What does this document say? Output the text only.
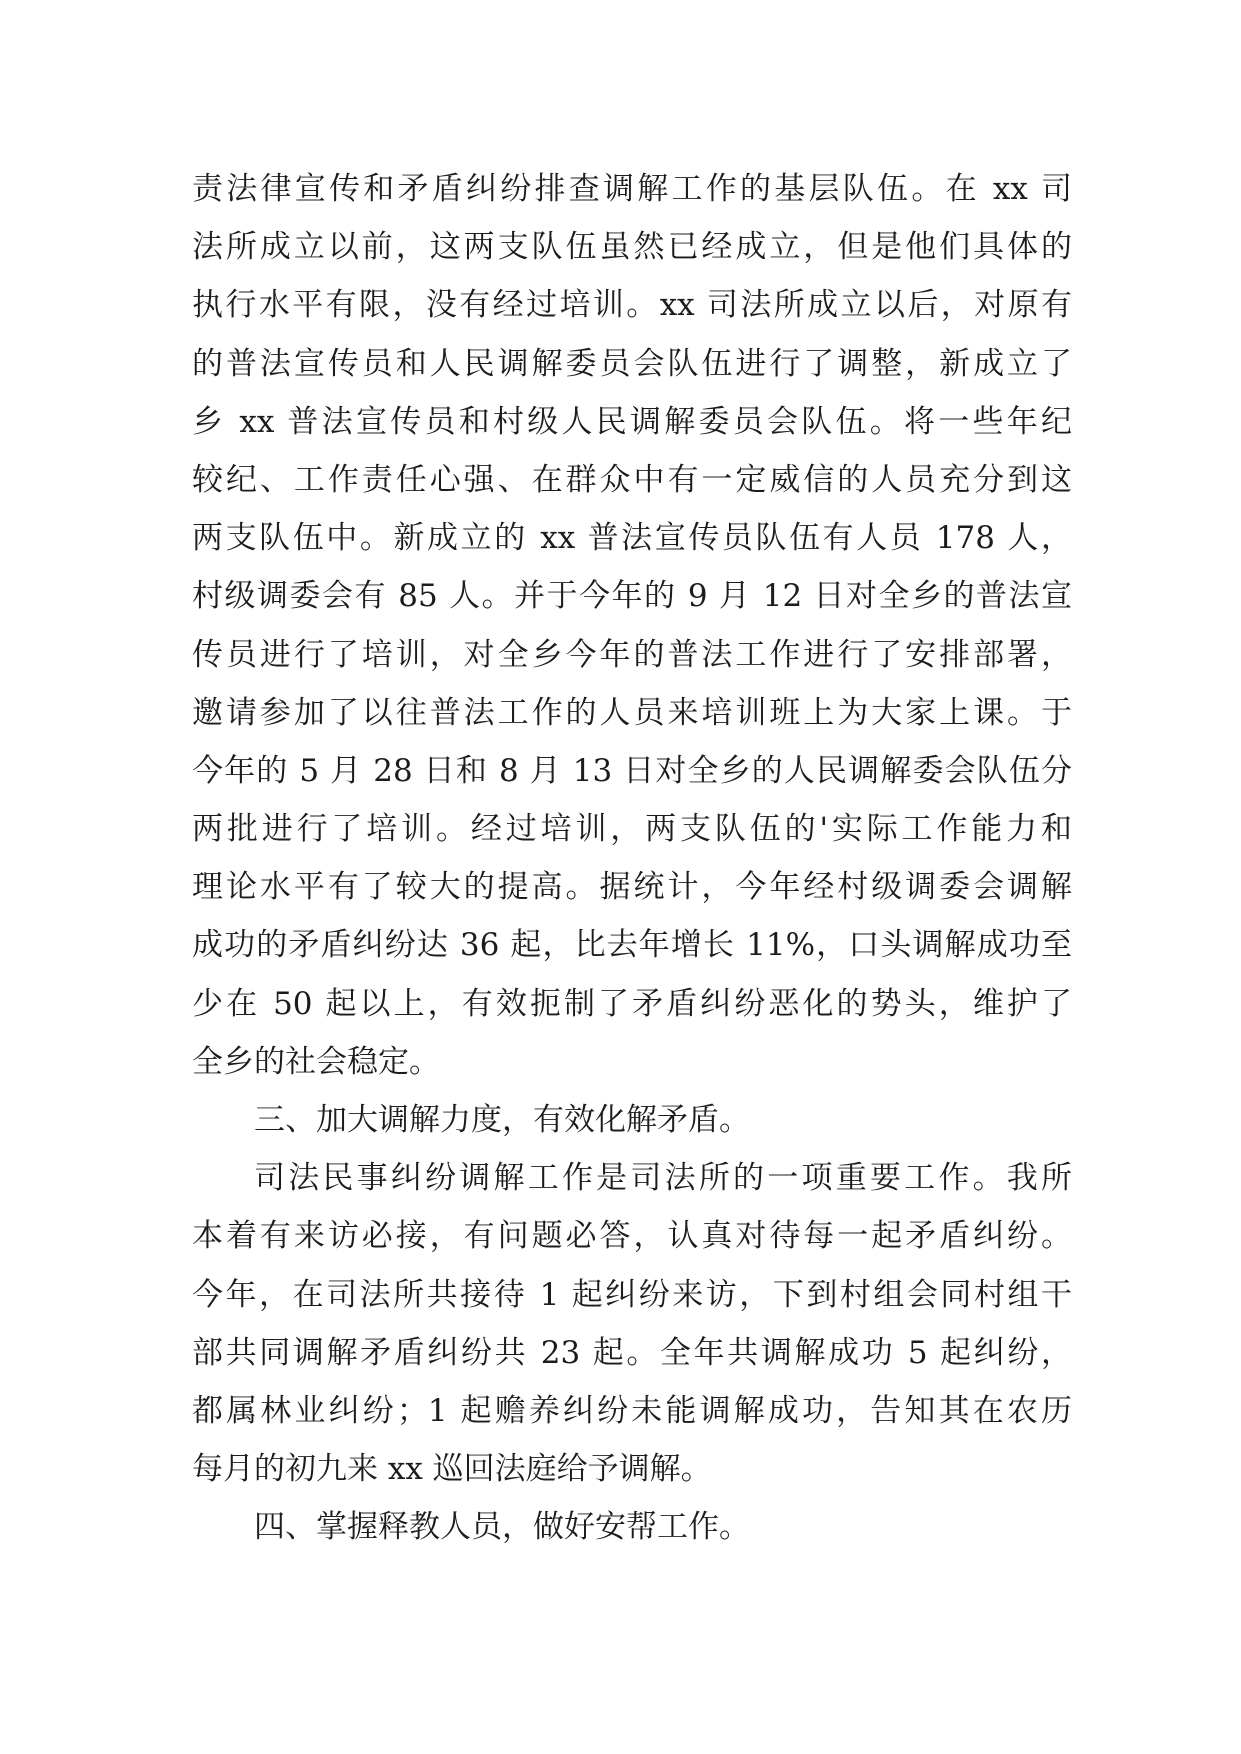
责法律宣传和矛盾纠纷排查调解工作的基层队伍。在 xx 司
法所成立以前，这两支队伍虽然已经成立，但是他们具体的
执行水平有限，没有经过培训。xx 司法所成立以后，对原有
的普法宣传员和人民调解委员会队伍进行了调整，新成立了
乡 xx 普法宣传员和村级人民调解委员会队伍。将一些年纪
较纪、工作责任心强、在群众中有一定威信的人员充分到这
两支队伍中。新成立的 xx 普法宣传员队伍有人员 178 人，
村级调委会有 85 人。并于今年的 9 月 12 日对全乡的普法宣
传员进行了培训，对全乡今年的普法工作进行了安排部署，
邀请参加了以往普法工作的人员来培训班上为大家上课。于
今年的 5 月 28 日和 8 月 13 日对全乡的人民调解委会队伍分
两批进行了培训。经过培训，两支队伍的'实际工作能力和
理论水平有了较大的提高。据统计，今年经村级调委会调解
成功的矛盾纠纷达 36 起，比去年增长 11%，口头调解成功至
少在 50 起以上，有效扼制了矛盾纠纷恶化的势头，维护了
全乡的社会稳定。
三、加大调解力度，有效化解矛盾。
司法民事纠纷调解工作是司法所的一项重要工作。我所
本着有来访必接，有问题必答，认真对待每一起矛盾纠纷。
今年，在司法所共接待 1 起纠纷来访，下到村组会同村组干
部共同调解矛盾纠纷共 23 起。全年共调解成功 5 起纠纷，
都属林业纠纷；1 起赡养纠纷未能调解成功，告知其在农历
每月的初九来 xx 巡回法庭给予调解。
四、掌握释教人员，做好安帮工作。
